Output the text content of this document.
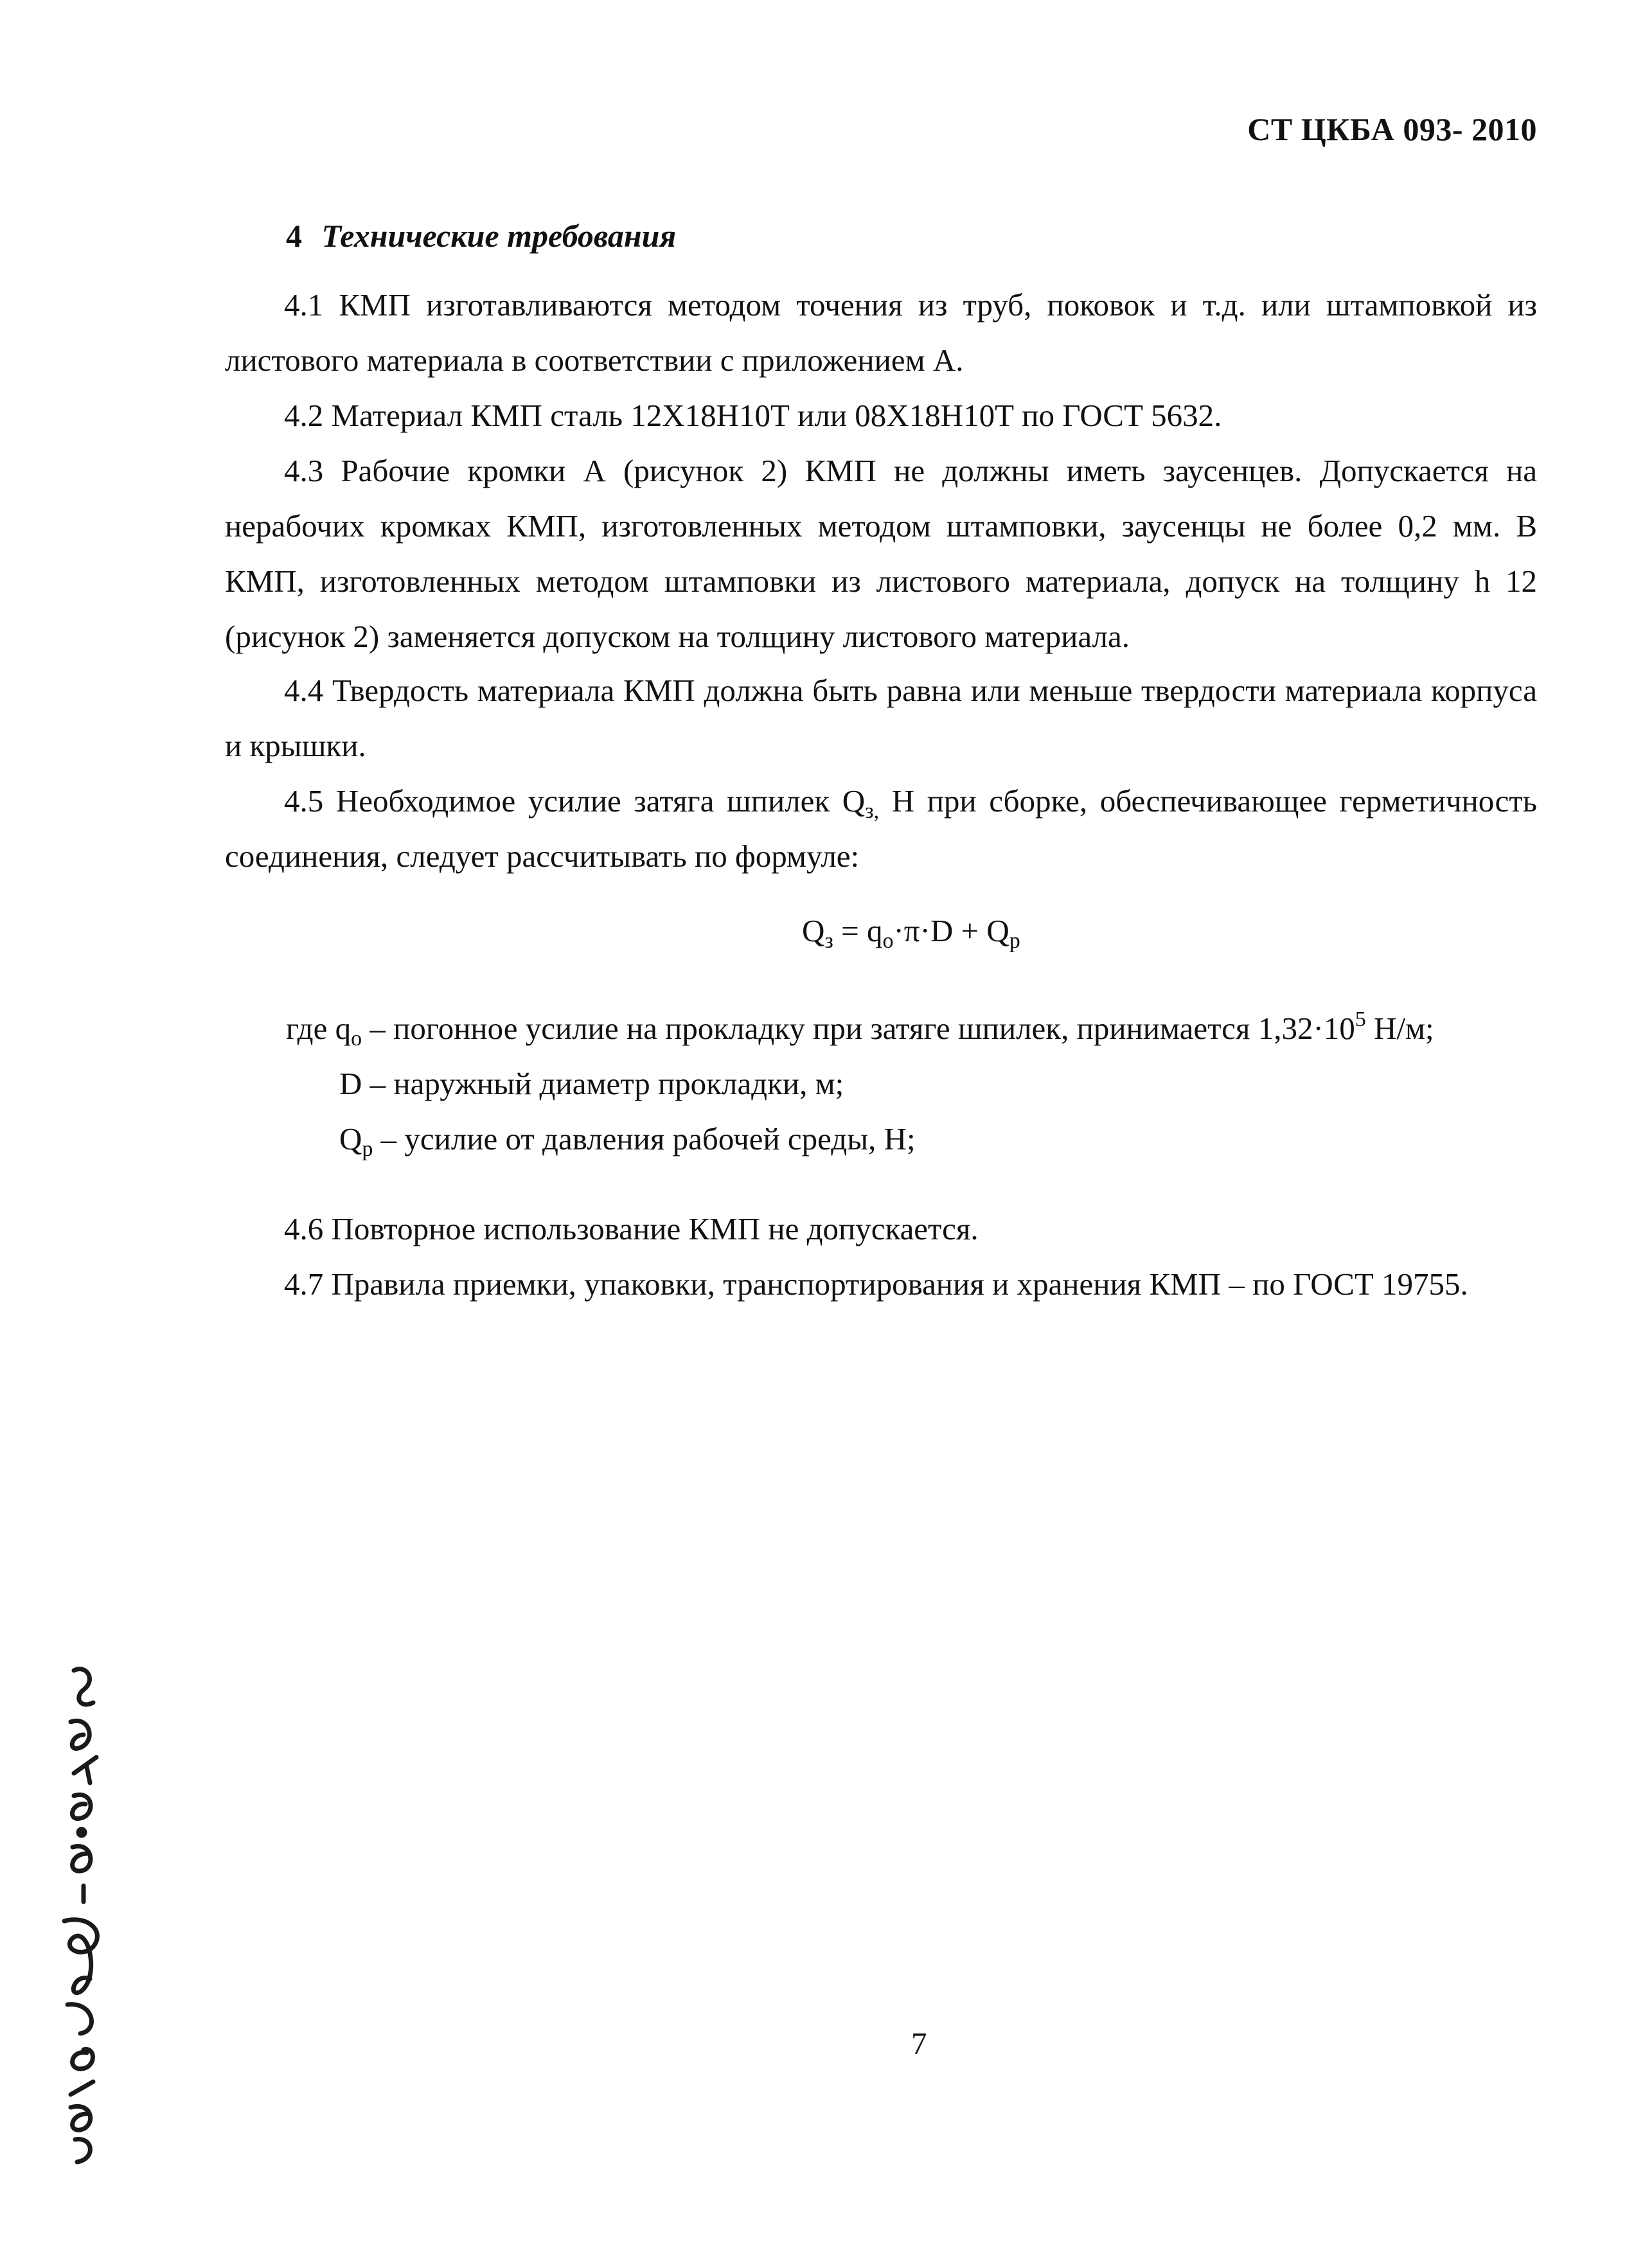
СТ ЦКБА 093- 2010
4 Технические требования
4.1 КМП изготавливаются методом точения из труб, поковок и т.д. или штамповкой из листового материала в соответствии с приложением А.
4.2 Материал КМП сталь 12Х18Н10Т или 08Х18Н10Т по ГОСТ 5632.
4.3 Рабочие кромки А (рисунок 2) КМП не должны иметь заусенцев. Допускается на нерабочих кромках КМП, изготовленных методом штамповки, заусенцы не более 0,2 мм. В КМП, изготовленных методом штамповки из листового материала, допуск на толщину h 12 (рисунок 2) заменяется допуском на толщину листового материала.
4.4 Твердость материала КМП должна быть равна или меньше твердости материала корпуса и крышки.
4.5 Необходимое усилие затяга шпилек $Q_{з,}$ Н при сборке, обеспечивающее герметичность соединения, следует рассчитывать по формуле:
$Q_з = q_o\cdot\pi\cdot D + Q_p$
где $q_o$ – погонное усилие на прокладку при затяге шпилек, принимается $1,32\cdot 10^5$ Н/м;
D – наружный диаметр прокладки, м;
$Q_p$ – усилие от давления рабочей среды, Н;
4.6 Повторное использование КМП не допускается.
4.7 Правила приемки, упаковки, транспортирования и хранения КМП – по ГОСТ 19755.
7
